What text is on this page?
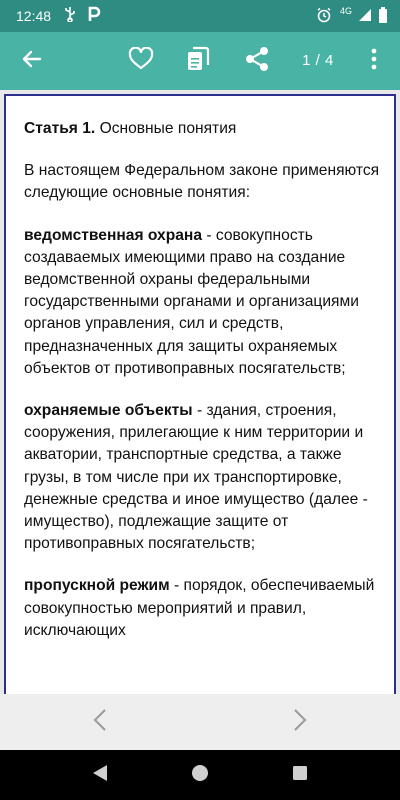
12:48	4G
1 / 4

Статья 1. Основные понятия

В настоящем Федеральном законе применяются следующие основные понятия:

ведомственная охрана - совокупность создаваемых имеющими право на создание ведомственной охраны федеральными государственными органами и организациями органов управления, сил и средств, предназначенных для защиты охраняемых объектов от противоправных посягательств;

охраняемые объекты - здания, строения, сооружения, прилегающие к ним территории и акватории, транспортные средства, а также грузы, в том числе при их транспортировке, денежные средства и иное имущество (далее - имущество), подлежащие защите от противоправных посягательств;

пропускной режим - порядок, обеспечиваемый совокупностью мероприятий и правил, исключающих
